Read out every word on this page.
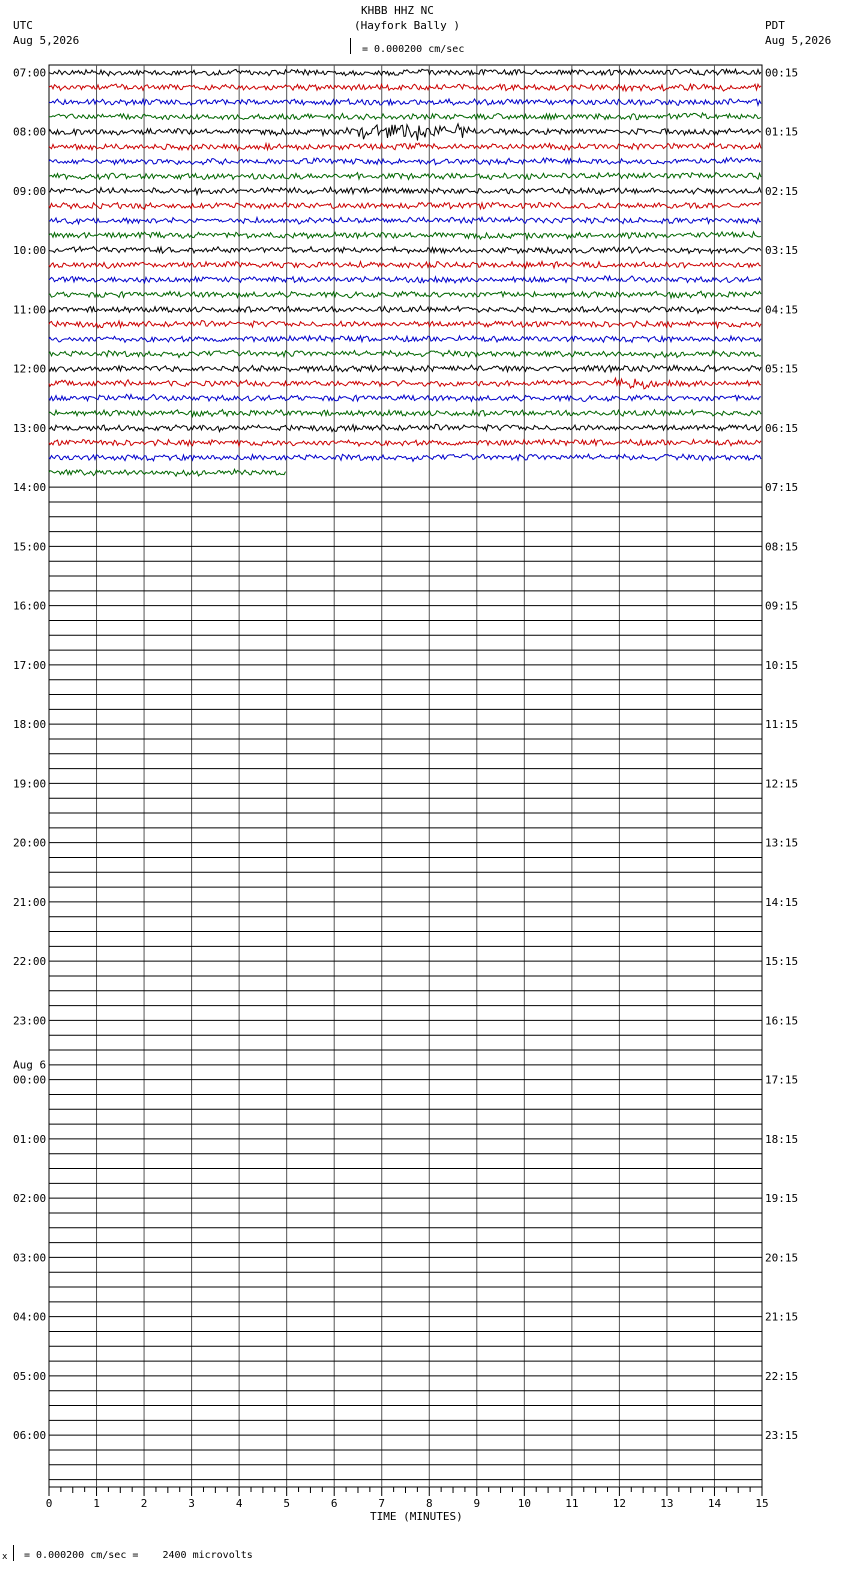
KHBB HHZ NC
(Hayfork Bally )
= 0.000200 cm/sec
UTC
Aug 5,2026
PDT
Aug 5,2026
0	1	2	3	4	5	6	7	8	9	10	11	12	13	14	15
07:00	00:15
08:00	01:15
09:00	02:15
10:00	03:15
11:00	04:15
12:00	05:15
13:00	06:15
14:00	07:15
15:00	08:15
16:00	09:15
17:00	10:15
18:00	11:15
19:00	12:15
20:00	13:15
21:00	14:15
22:00	15:15
23:00	16:15
00:00	17:15
Aug 6
01:00	18:15
02:00	19:15
03:00	20:15
04:00	21:15
05:00	22:15
06:00	23:15
TIME (MINUTES)
x = 0.000200 cm/sec =    2400 microvolts
